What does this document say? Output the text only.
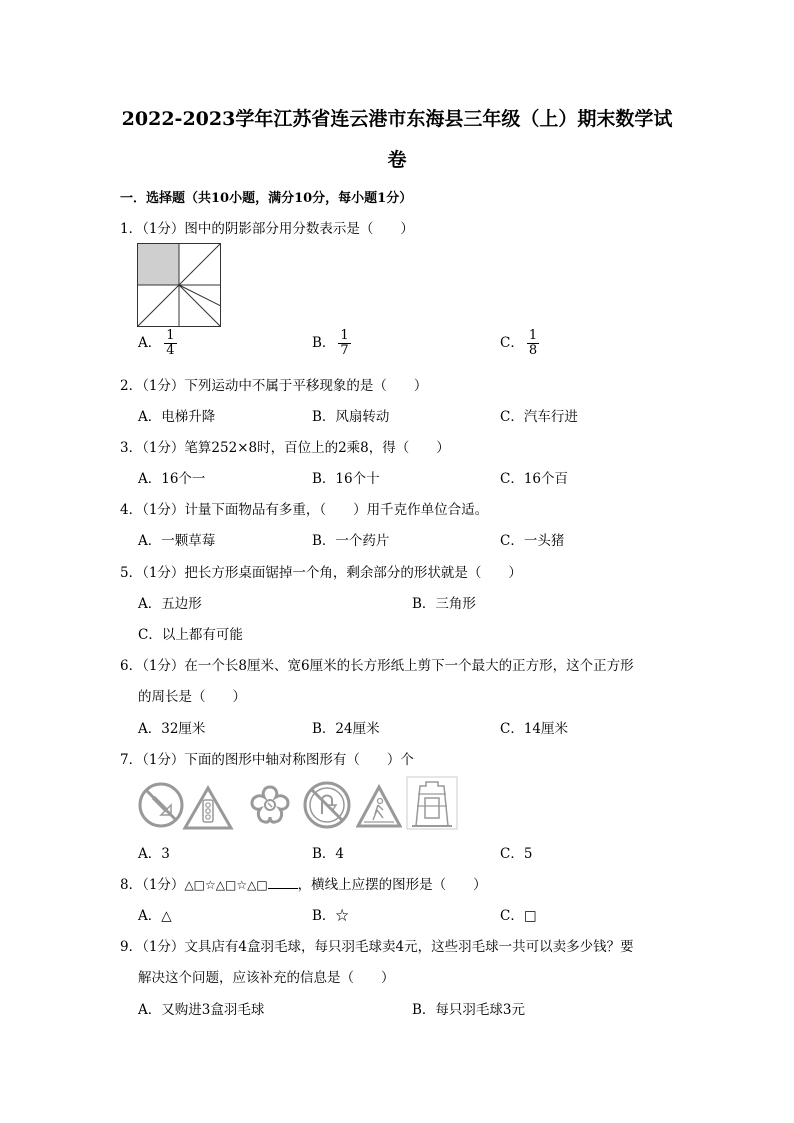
2022-2023学年江苏省连云港市东海县三年级（上）期末数学试
卷
一．选择题（共10小题，满分10分，每小题1分）
1．（1分）图中的阴影部分用分数表示是（　　）
A． $\frac{1}{4}$	B． $\frac{1}{7}$	C． $\frac{1}{8}$
2．（1分）下列运动中不属于平移现象的是（　　）
A．电梯升降	B．风扇转动	C．汽车行进
3．（1分）笔算252×8时，百位上的2乘8，得（　　）
A．16个一	B．16个十	C．16个百
4．（1分）计量下面物品有多重，（　　）用千克作单位合适。
A．一颗草莓	B．一个药片	C．一头猪
5．（1分）把长方形桌面锯掉一个角，剩余部分的形状就是（　　）
A．五边形	B．三角形
C．以上都有可能
6．（1分）在一个长8厘米、宽6厘米的长方形纸上剪下一个最大的正方形，这个正方形
的周长是（　　）
A．32厘米	B．24厘米	C．14厘米
7．（1分）下面的图形中轴对称图形有（　　）个
A．3	B．4	C．5
8．（1分）△□☆△□☆△□ ，横线上应摆的图形是（　　）
A．△	B．☆	C．□
9．（1分）文具店有4盒羽毛球，每只羽毛球卖4元，这些羽毛球一共可以卖多少钱？要
解决这个问题，应该补充的信息是（　　）
A．又购进3盒羽毛球	B．每只羽毛球3元
